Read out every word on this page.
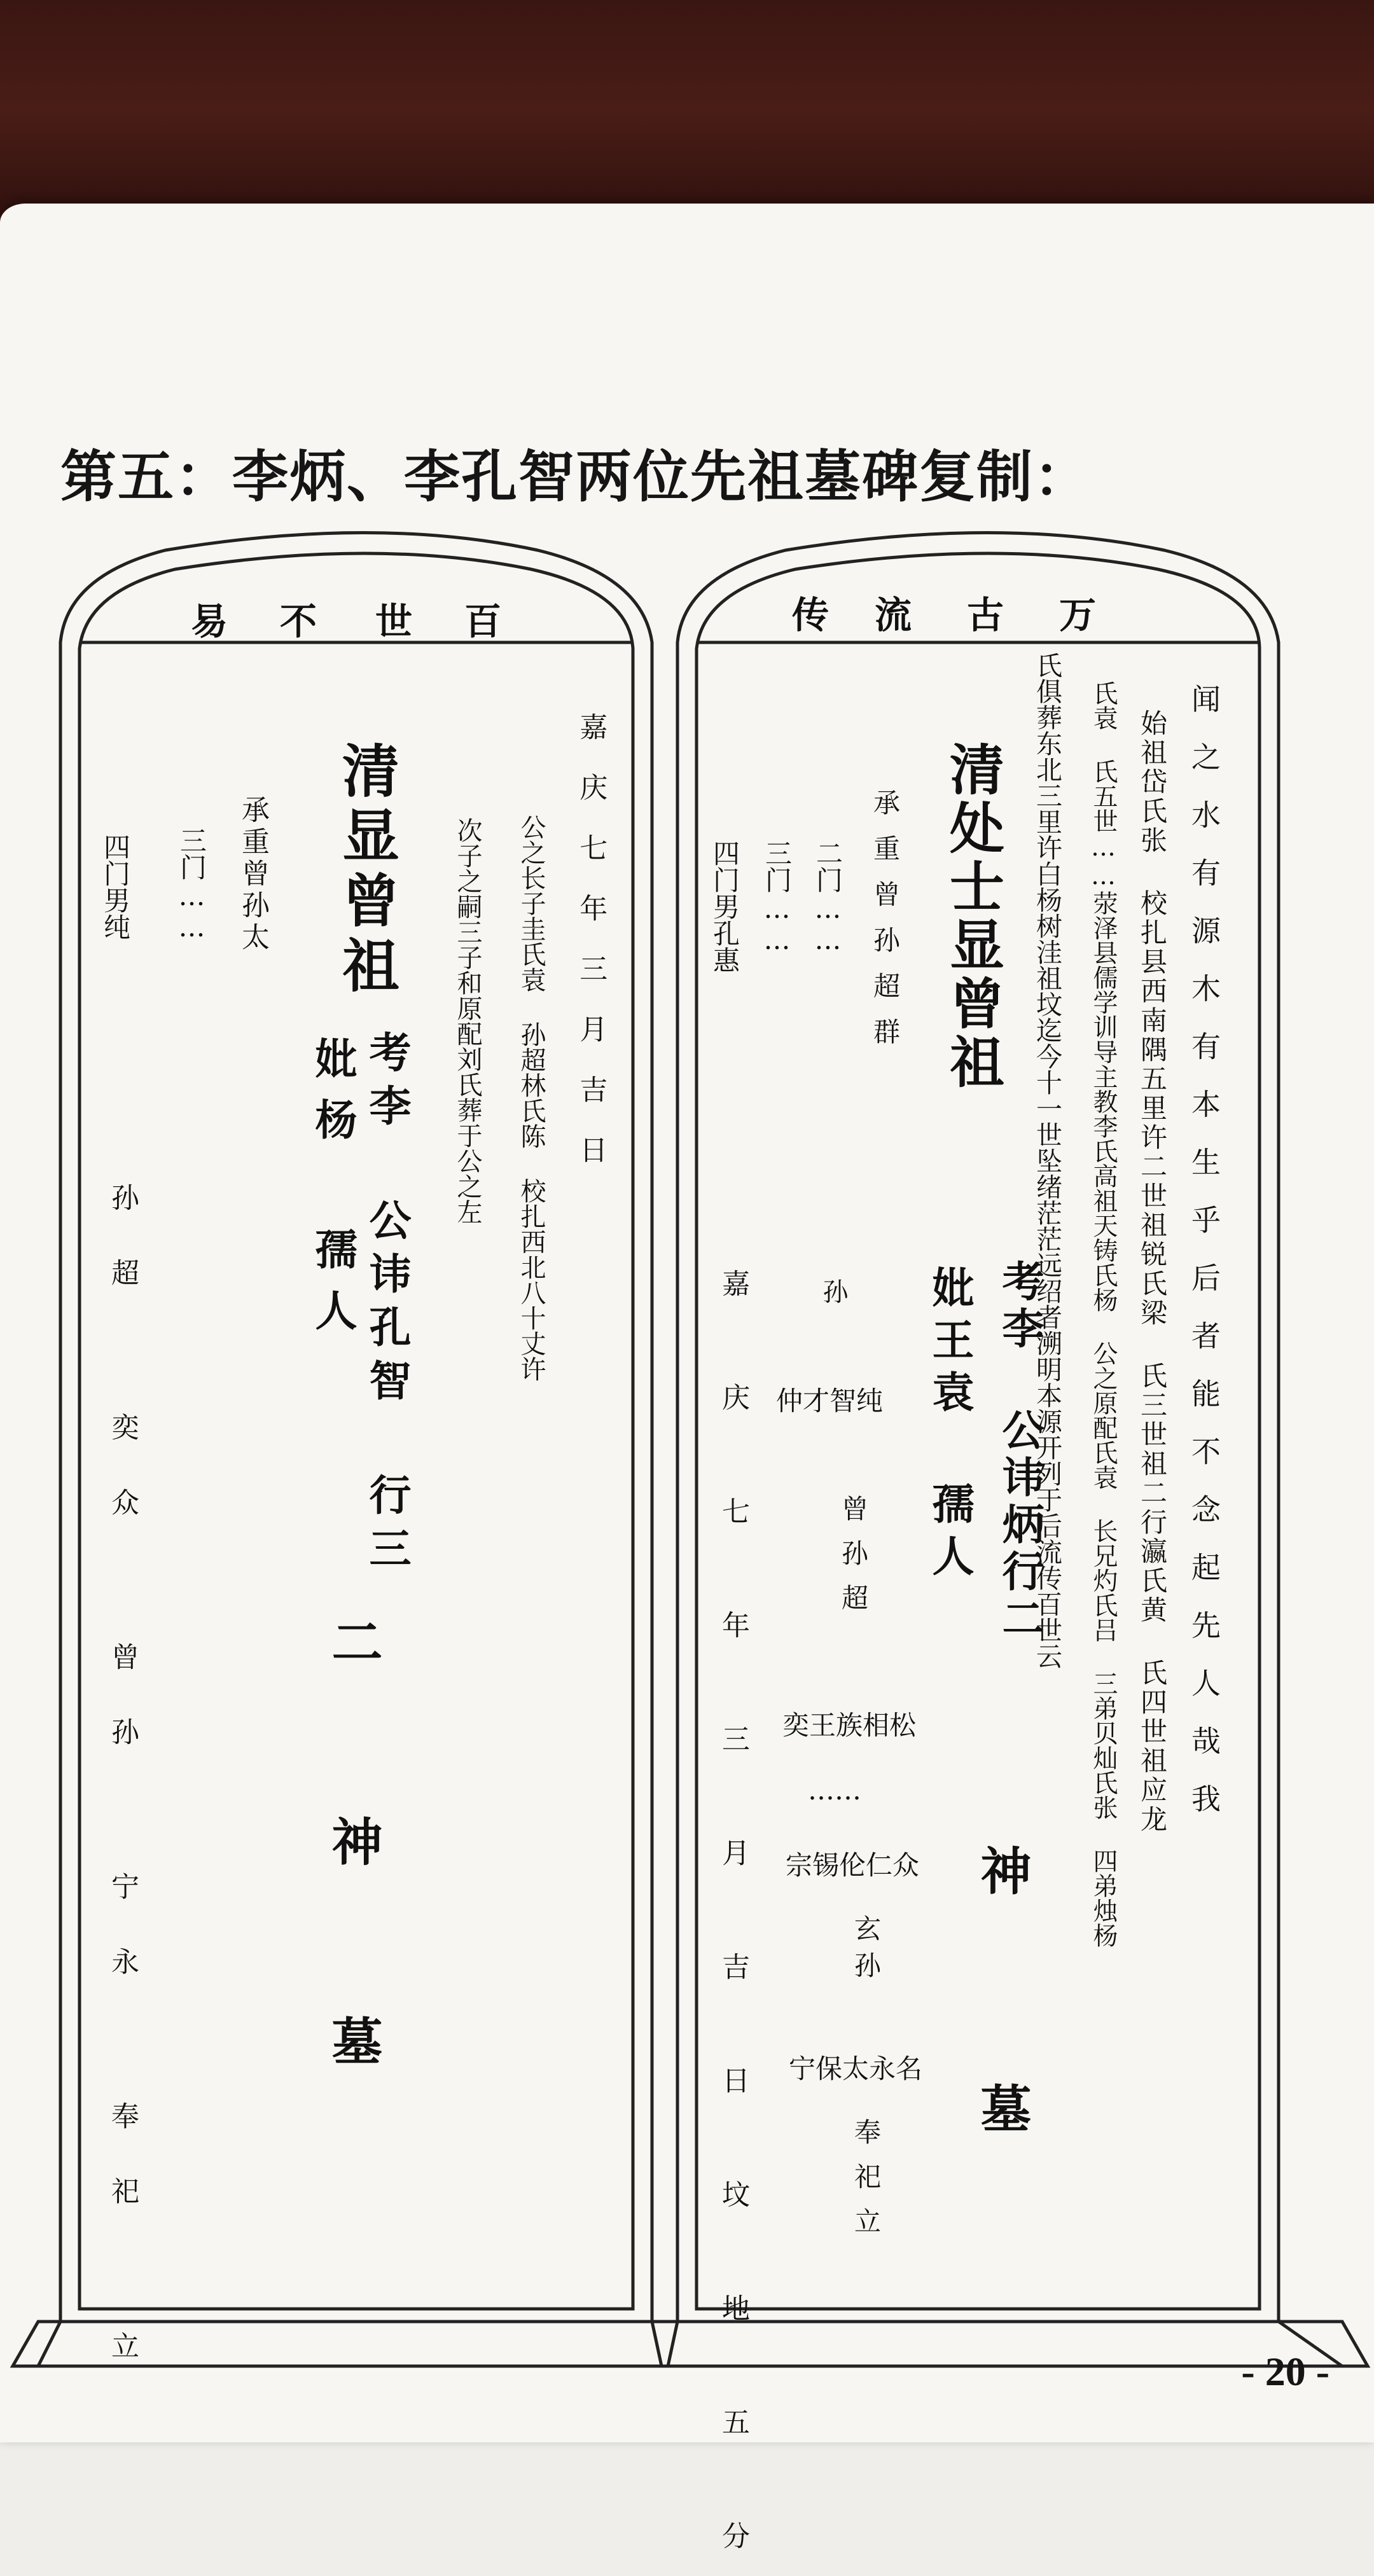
第五：李炳、李孔智两位先祖墓碑复制：
百
世
不
易
嘉 庆 七 年 三 月 吉 日
公之长子圭氏袁 孙超林氏陈 校扎西北八十丈许
次子之嗣三子和原配刘氏葬于公之左
清显曾祖
考李 公讳孔智 行三
妣杨 孺人
二 神 墓
承重曾孙太
三门……
四门男纯
孙超 奕众 曾孙 宁永 奉祀 立
万
古
流
传
闻之水有源木有本生乎后者能不念起先人哉我
始祖岱氏张 校扎县西南隅五里许二世祖锐氏梁 氏三世祖二行瀛氏黄 氏四世祖应龙
氏袁 氏五世……荥泽县儒学训导主教李氏高祖天铸氏杨 公之原配氏袁 长兄灼氏吕 三弟贝灿氏张 四弟烛杨
氏俱葬东北三里许白杨树洼祖坟迄今十一世坠绪茫茫远绍者溯明本源开列于后流传百世云
清处士显曾祖
考李 公讳炳行二
妣王袁 孺人
神 墓
承重曾孙超群
二门……
三门……
四门男孔惠
嘉 庆 七 年 三 月 吉 日 坟 地 五 分	孙
仲才智纯
曾孙超
奕王族相松
……
宗锡伦仁众
玄孙
宁保太永名
奉祀立
- 20 -
